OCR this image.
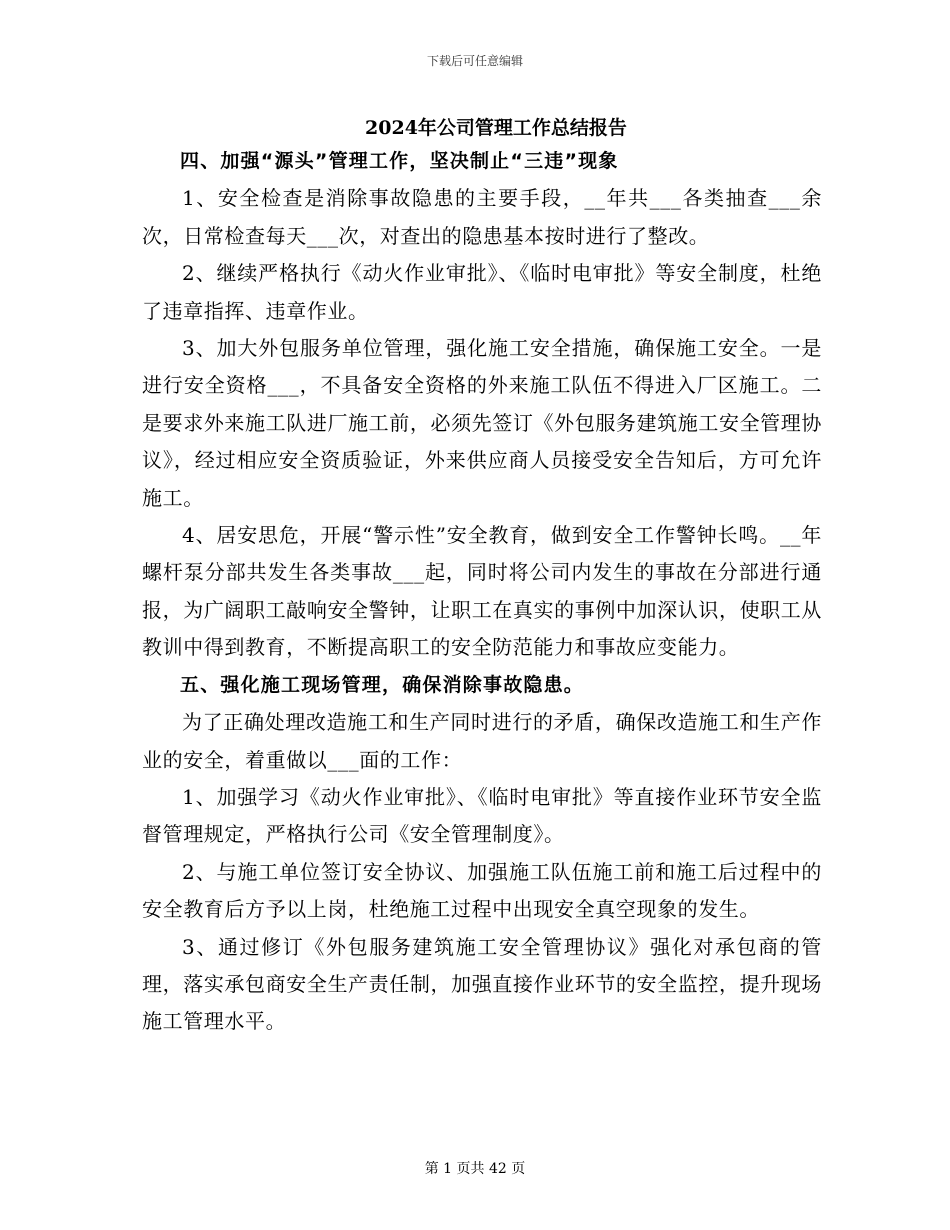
下载后可任意编辑
2024年公司管理工作总结报告

四、加强“源头”管理工作，坚决制止“三违”现象

1、安全检查是消除事故隐患的主要手段，__年共___各类抽查___余次，日常检查每天___次，对查出的隐患基本按时进行了整改。

2、继续严格执行《动火作业审批》、《临时电审批》等安全制度，杜绝了违章指挥、违章作业。

3、加大外包服务单位管理，强化施工安全措施，确保施工安全。一是进行安全资格___，不具备安全资格的外来施工队伍不得进入厂区施工。二是要求外来施工队进厂施工前，必须先签订《外包服务建筑施工安全管理协议》，经过相应安全资质验证，外来供应商人员接受安全告知后，方可允许施工。

4、居安思危，开展“警示性”安全教育，做到安全工作警钟长鸣。__年螺杆泵分部共发生各类事故___起，同时将公司内发生的事故在分部进行通报，为广阔职工敲响安全警钟，让职工在真实的事例中加深认识，使职工从教训中得到教育，不断提高职工的安全防范能力和事故应变能力。

五、强化施工现场管理，确保消除事故隐患。

为了正确处理改造施工和生产同时进行的矛盾，确保改造施工和生产作业的安全，着重做以___面的工作：

1、加强学习《动火作业审批》、《临时电审批》等直接作业环节安全监督管理规定，严格执行公司《安全管理制度》。

2、与施工单位签订安全协议、加强施工队伍施工前和施工后过程中的安全教育后方予以上岗，杜绝施工过程中出现安全真空现象的发生。

3、通过修订《外包服务建筑施工安全管理协议》强化对承包商的管理，落实承包商安全生产责任制，加强直接作业环节的安全监控，提升现场施工管理水平。

第 1 页共 42 页
